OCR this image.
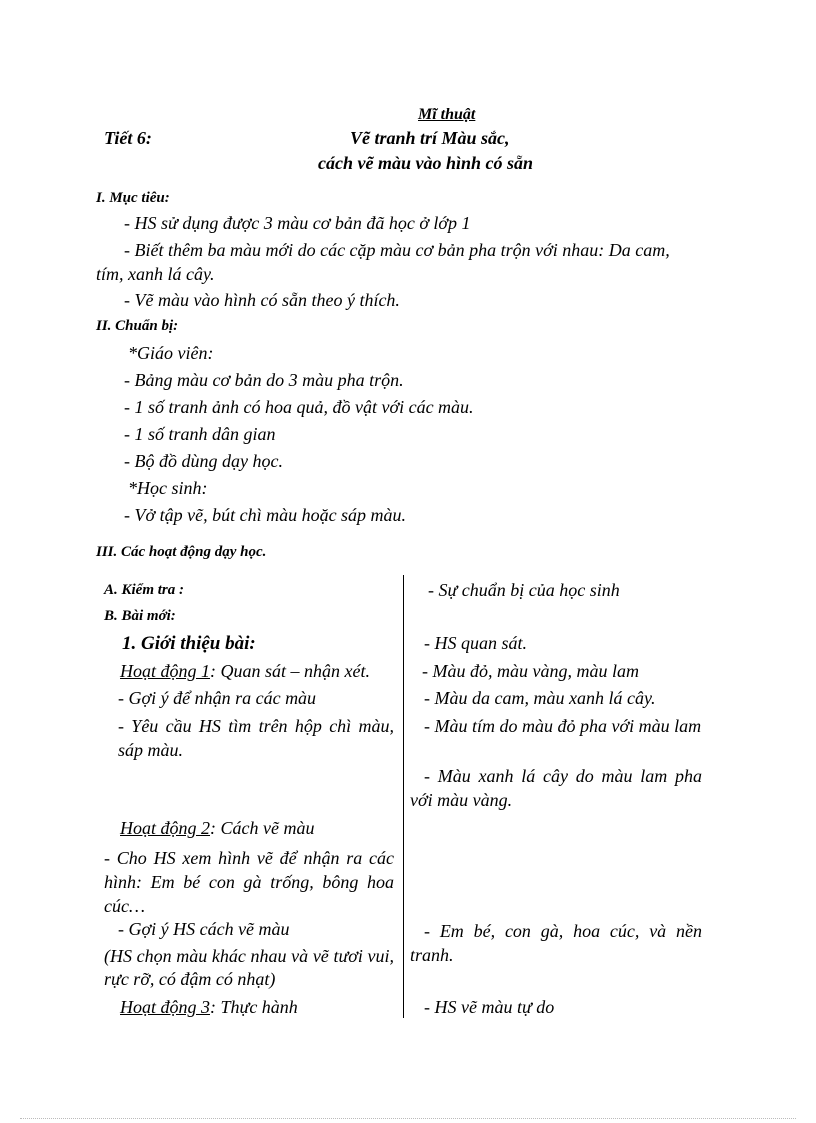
Mĩ thuật
Tiết 6:	Vẽ tranh trí Màu sắc,
cách vẽ màu vào hình có sẵn
I. Mục tiêu:
- HS sử dụng được 3 màu cơ bản đã học ở lớp 1
- Biết thêm ba màu mới do các cặp màu cơ bản pha trộn với nhau: Da cam,
tím, xanh lá cây.
- Vẽ màu vào hình có sẵn theo ý thích.
II. Chuẩn bị:
*Giáo viên:
- Bảng màu cơ bản do 3 màu pha trộn.
- 1 số tranh ảnh có hoa quả, đồ vật với các màu.
- 1 số tranh dân gian
- Bộ đồ dùng dạy học.
*Học sinh:
- Vở tập vẽ, bút chì màu hoặc sáp màu.
III. Các hoạt động dạy học.
A. Kiểm tra :
B. Bài mới:
1. Giới thiệu bài:
Hoạt động 1: Quan sát – nhận xét.
- Gợi ý để nhận ra các màu
- Yêu cầu HS tìm trên hộp chì màu, sáp màu.
Hoạt động 2: Cách vẽ màu
- Cho HS xem hình vẽ để nhận ra các hình: Em bé con gà trống, bông hoa cúc…
- Gợi ý HS cách vẽ màu
(HS chọn màu khác nhau và vẽ tươi vui, rực rỡ, có đậm có nhạt)
Hoạt động 3: Thực hành
- Sự chuẩn bị của học sinh
- HS quan sát.
- Màu đỏ, màu vàng, màu lam
- Màu da cam, màu xanh lá cây.
- Màu tím do màu đỏ pha với màu lam
- Màu xanh lá cây do màu lam pha với màu vàng.
- Em bé, con gà, hoa cúc, và nền tranh.
- HS vẽ màu tự do
